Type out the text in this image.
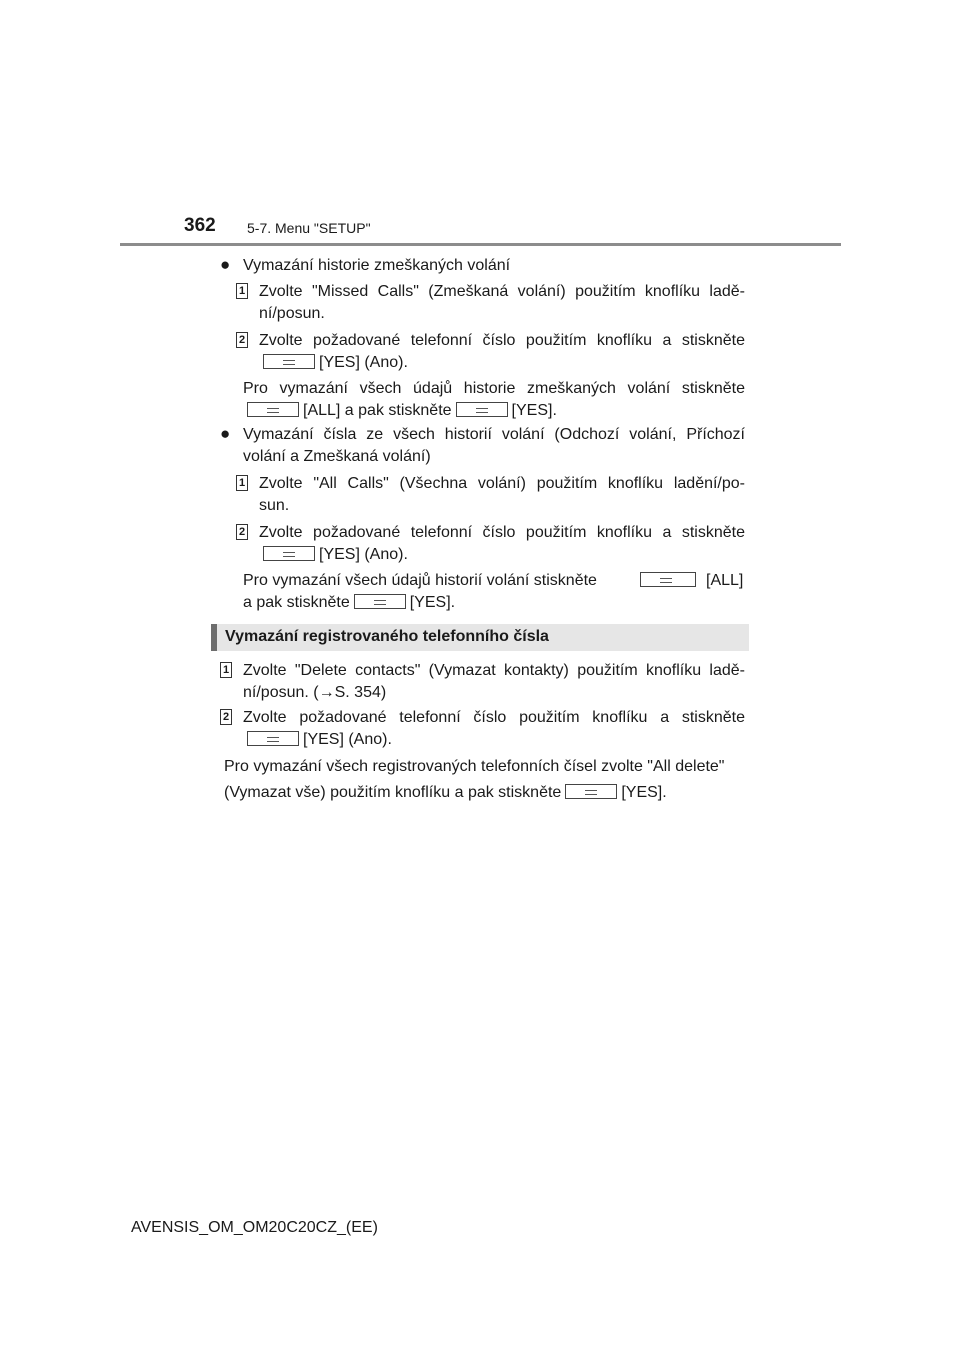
362 5-7. Menu "SETUP"
● Vymazání historie zmeškaných volání
1 Zvolte "Missed Calls" (Zmeškaná volání) použitím knoflíku ladě-
ní/posun.
2 Zvolte požadované telefonní číslo použitím knoflíku a stiskněte
[YES] (Ano).
Pro vymazání všech údajů historie zmeškaných volání stiskněte
[ALL] a pak stiskněte	[YES].
● Vymazání čísla ze všech historií volání (Odchozí volání, Příchozí
volání a Zmeškaná volání)
1 Zvolte "All Calls" (Všechna volání) použitím knoflíku ladění/po-
sun.
2 Zvolte požadované telefonní číslo použitím knoflíku a stiskněte
[YES] (Ano).
Pro vymazání všech údajů historií volání stiskněte	[ALL]
a pak stiskněte	[YES].
Vymazání registrovaného telefonního čísla
1 Zvolte "Delete contacts" (Vymazat kontakty) použitím knoflíku ladě-
ní/posun. (→S. 354)
2 Zvolte požadované telefonní číslo použitím knoflíku a stiskněte
[YES] (Ano).
Pro vymazání všech registrovaných telefonních čísel zvolte "All delete"
(Vymazat vše) použitím knoflíku a pak stiskněte	[YES].
AVENSIS_OM_OM20C20CZ_(EE)
